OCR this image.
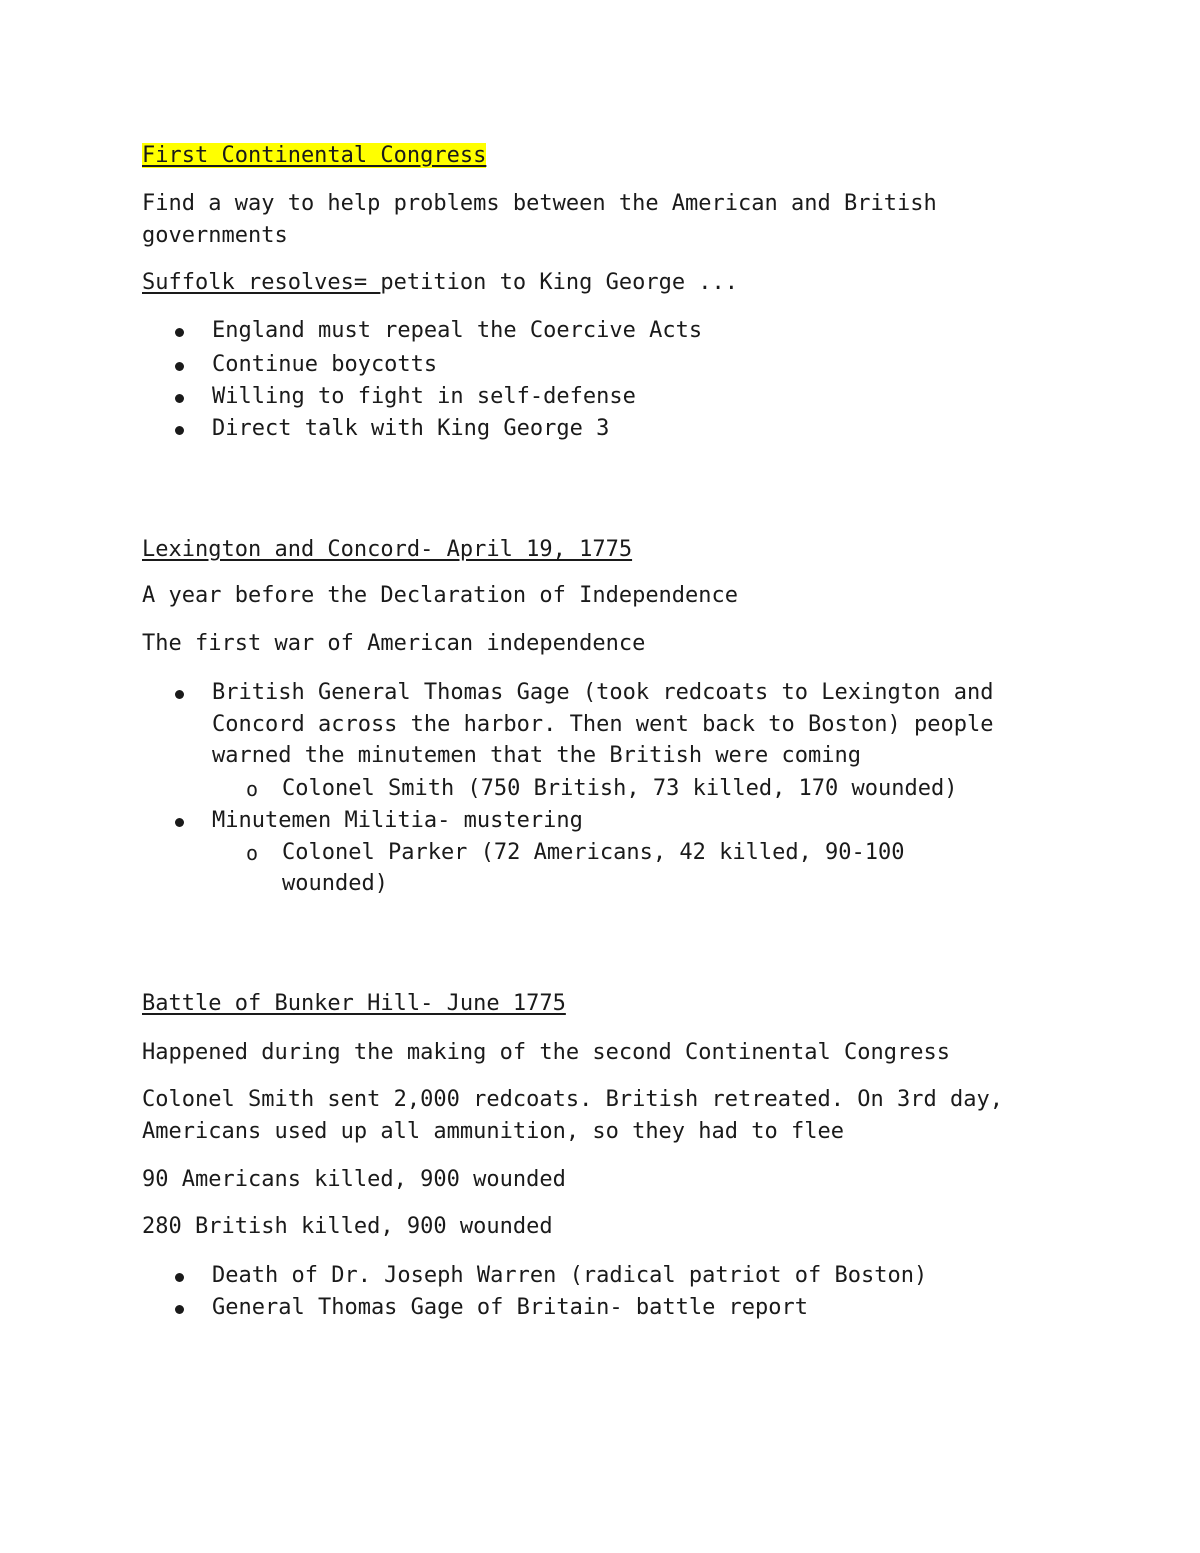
First Continental Congress
Find a way to help problems between the American and British
governments
Suffolk resolves= petition to King George ...
England must repeal the Coercive Acts
Continue boycotts
Willing to fight in self-defense
Direct talk with King George 3
Lexington and Concord- April 19, 1775
A year before the Declaration of Independence
The first war of American independence
British General Thomas Gage (took redcoats to Lexington and
Concord across the harbor. Then went back to Boston) people
warned the minutemen that the British were coming
o Colonel Smith (750 British, 73 killed, 170 wounded)
Minutemen Militia- mustering
o Colonel Parker (72 Americans, 42 killed, 90-100
wounded)
Battle of Bunker Hill- June 1775
Happened during the making of the second Continental Congress
Colonel Smith sent 2,000 redcoats. British retreated. On 3rd day,
Americans used up all ammunition, so they had to flee
90 Americans killed, 900 wounded
280 British killed, 900 wounded
Death of Dr. Joseph Warren (radical patriot of Boston)
General Thomas Gage of Britain- battle report
